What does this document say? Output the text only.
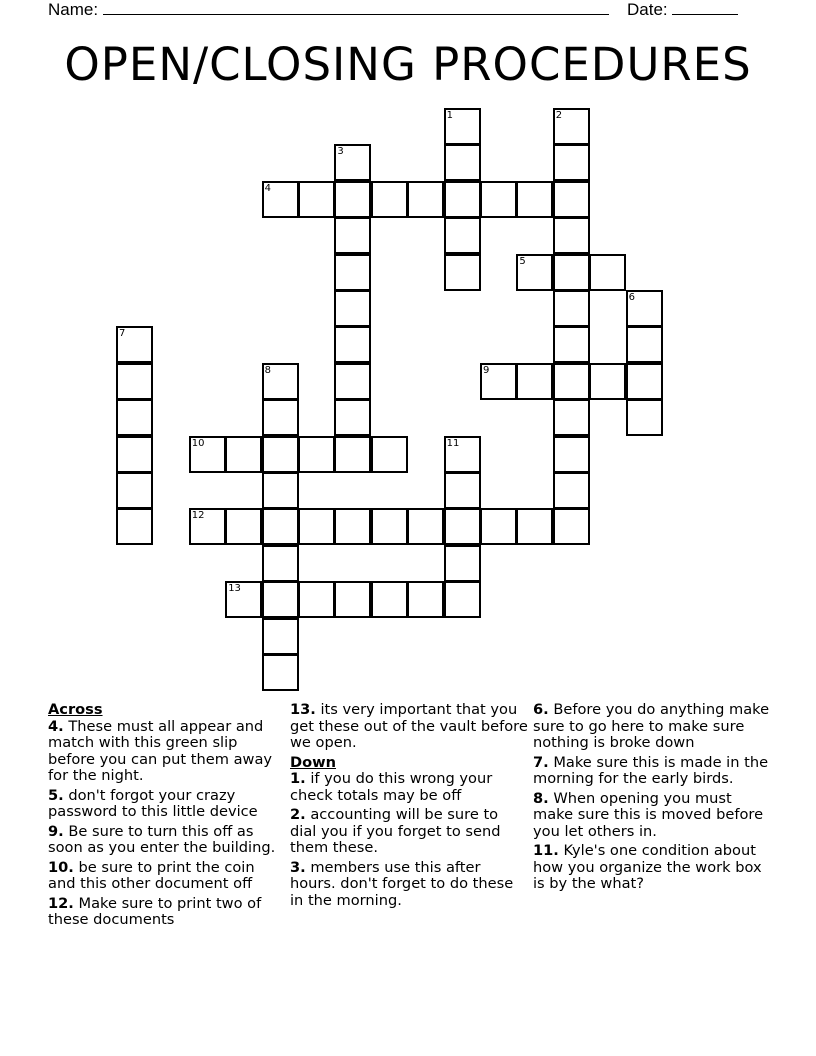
Name:	Date:
OPEN/CLOSING PROCEDURES
1	2
3
4
5
6
7
8	9
10	11
12
13
Across
4. These must all appear and match with this green slip before you can put them away for the night.
5. don't forgot your crazy password to this little device
9. Be sure to turn this off as soon as you enter the building.
10. be sure to print the coin and this other document off
12. Make sure to print two of these documents
13. its very important that you get these out of the vault before we open.
Down
1. if you do this wrong your check totals may be off
2. accounting will be sure to dial you if you forget to send them these.
3. members use this after hours. don't forget to do these in the morning.
6. Before you do anything make sure to go here to make sure nothing is broke down
7. Make sure this is made in the morning for the early birds.
8. When opening you must make sure this is moved before you let others in.
11. Kyle's one condition about how you organize the work box is by the what?
